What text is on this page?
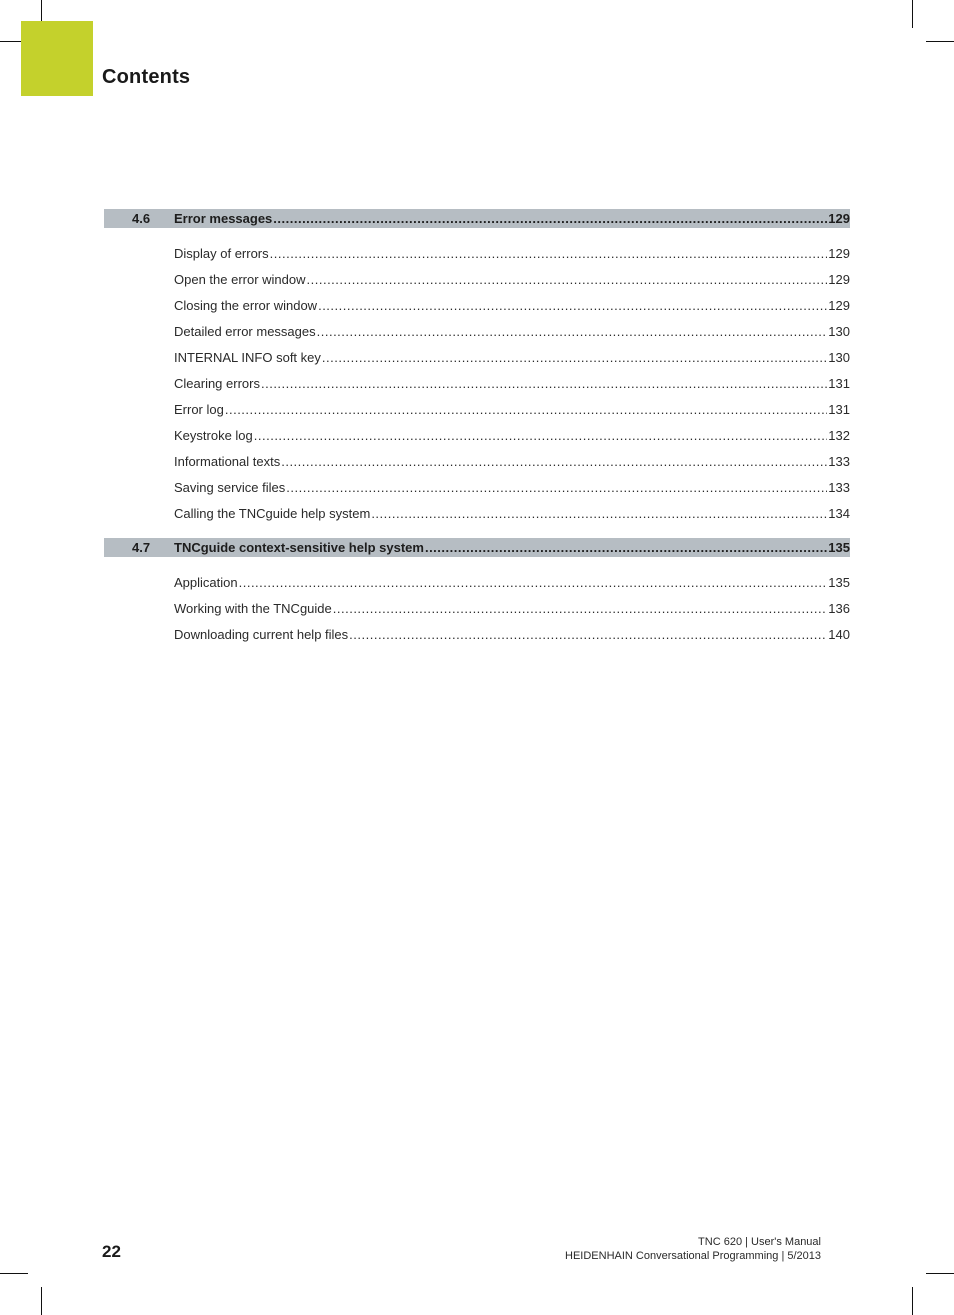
Contents
4.6 Error messages .....	129
Display of errors .....	129
Open the error window .....	129
Closing the error window .....	129
Detailed error messages .....	130
INTERNAL INFO soft key .....	130
Clearing errors .....	131
Error log .....	131
Keystroke log .....	132
Informational texts .....	133
Saving service files .....	133
Calling the TNCguide help system .....	134
4.7 TNCguide context-sensitive help system .....	135
Application .....	135
Working with the TNCguide .....	136
Downloading current help files .....	140
22	TNC 620 | User's Manual
HEIDENHAIN Conversational Programming | 5/2013
